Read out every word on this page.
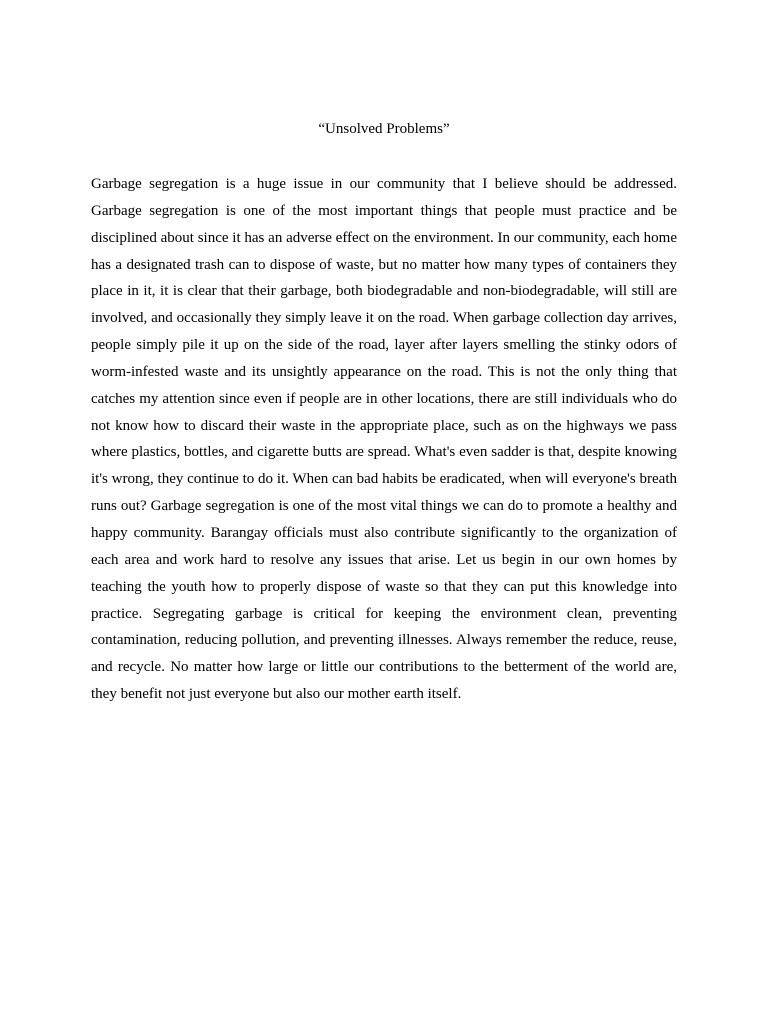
“Unsolved Problems”

Garbage segregation is a huge issue in our community that I believe should be addressed. Garbage segregation is one of the most important things that people must practice and be disciplined about since it has an adverse effect on the environment. In our community, each home has a designated trash can to dispose of waste, but no matter how many types of containers they place in it, it is clear that their garbage, both biodegradable and non-biodegradable, will still are involved, and occasionally they simply leave it on the road. When garbage collection day arrives, people simply pile it up on the side of the road, layer after layers smelling the stinky odors of worm-infested waste and its unsightly appearance on the road. This is not the only thing that catches my attention since even if people are in other locations, there are still individuals who do not know how to discard their waste in the appropriate place, such as on the highways we pass where plastics, bottles, and cigarette butts are spread. What's even sadder is that, despite knowing it's wrong, they continue to do it. When can bad habits be eradicated, when will everyone's breath runs out? Garbage segregation is one of the most vital things we can do to promote a healthy and happy community. Barangay officials must also contribute significantly to the organization of each area and work hard to resolve any issues that arise. Let us begin in our own homes by teaching the youth how to properly dispose of waste so that they can put this knowledge into practice. Segregating garbage is critical for keeping the environment clean, preventing contamination, reducing pollution, and preventing illnesses. Always remember the reduce, reuse, and recycle. No matter how large or little our contributions to the betterment of the world are, they benefit not just everyone but also our mother earth itself.
